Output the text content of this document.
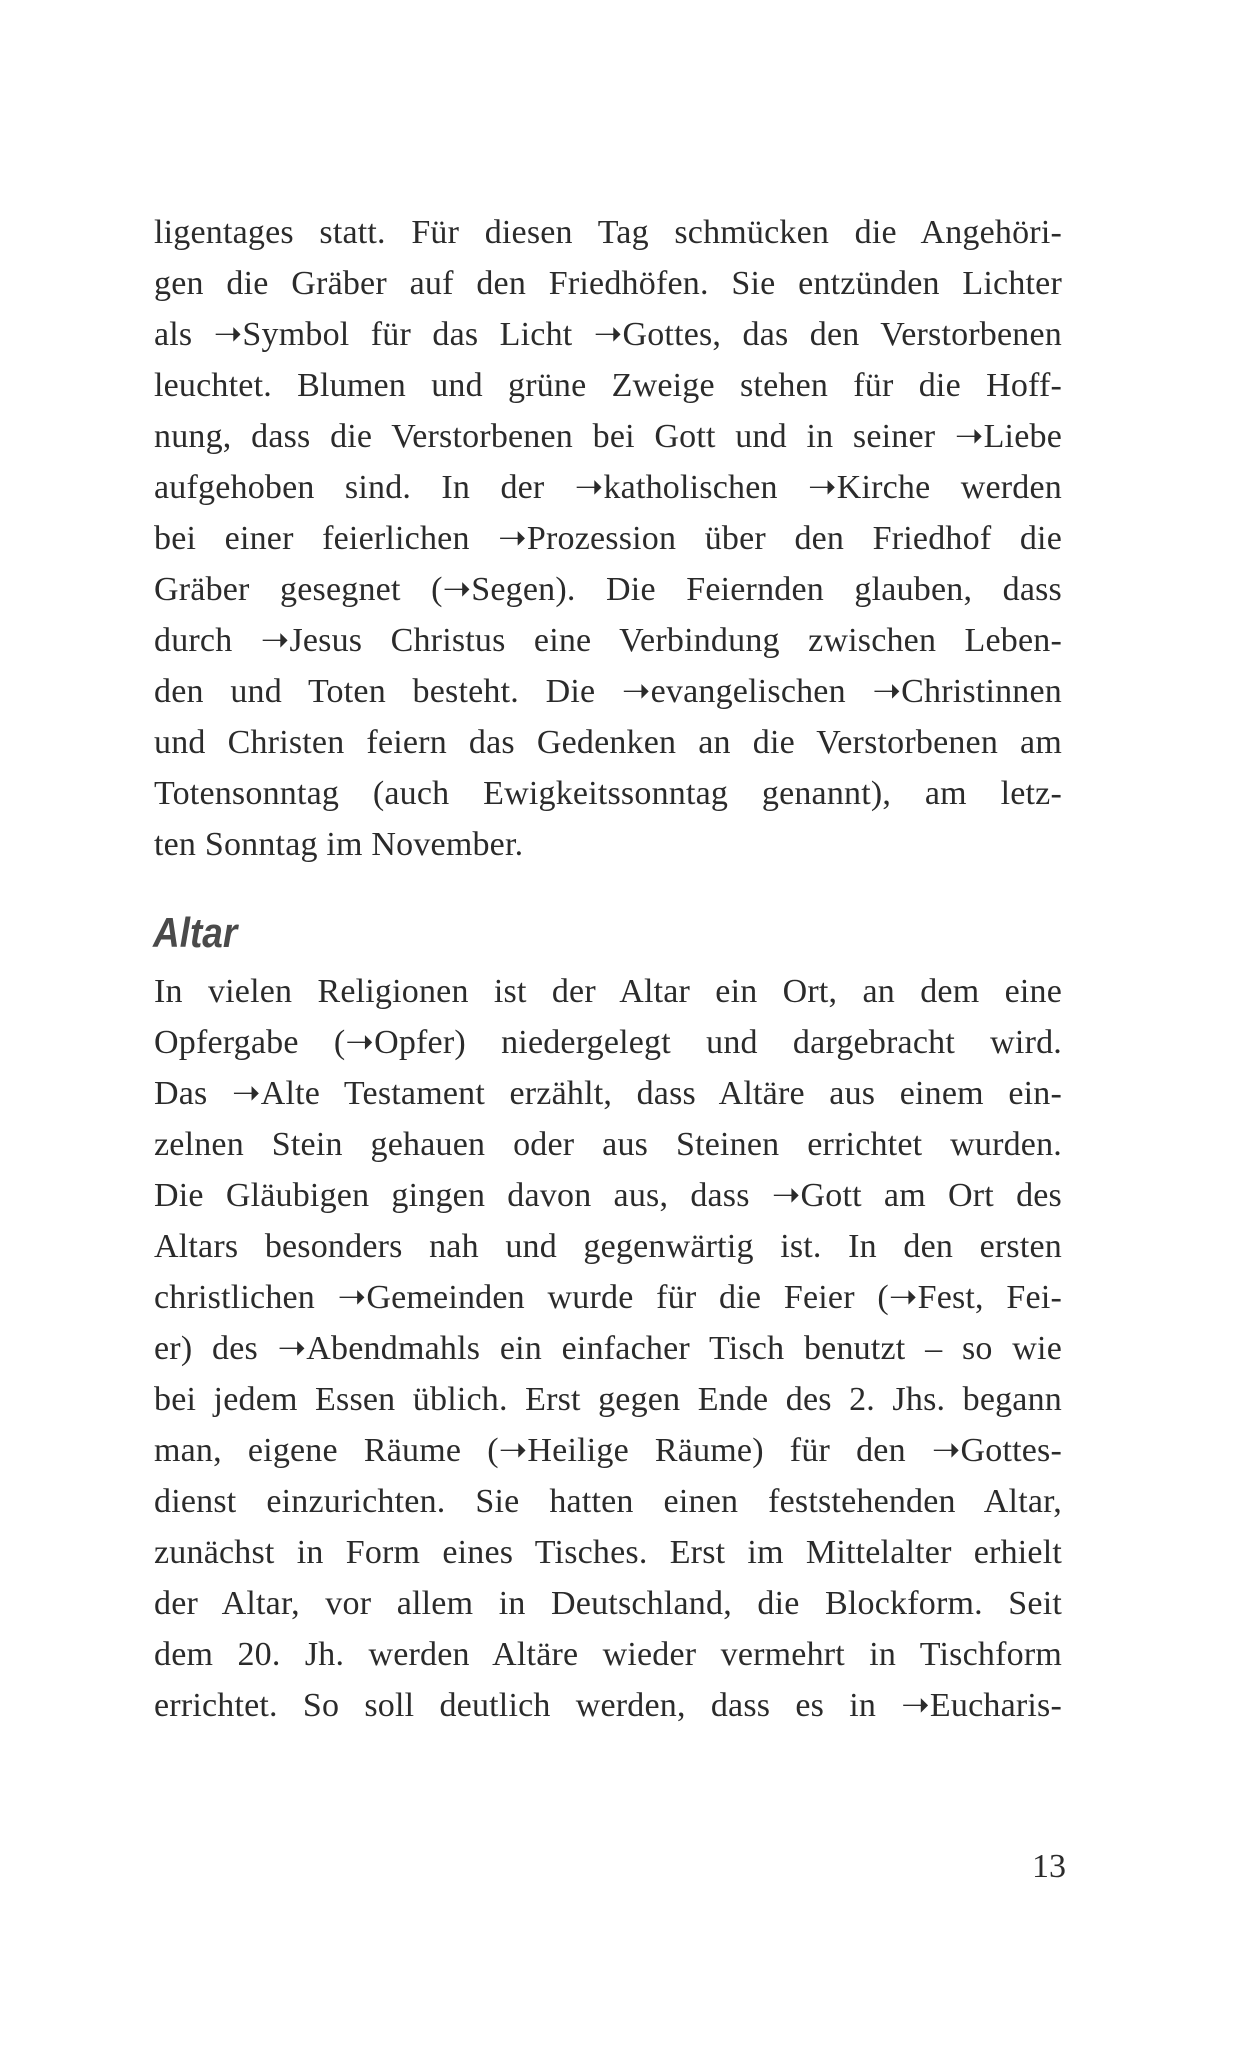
ligentages statt. Für diesen Tag schmücken die Angehöri-
gen die Gräber auf den Friedhöfen. Sie entzünden Lichter
als ➝Symbol für das Licht ➝Gottes, das den Verstorbenen
leuchtet. Blumen und grüne Zweige stehen für die Hoff-
nung, dass die Verstorbenen bei Gott und in seiner ➝Liebe
aufgehoben sind. In der ➝katholischen ➝Kirche werden
bei einer feierlichen ➝Prozession über den Friedhof die
Gräber gesegnet (➝Segen). Die Feiernden glauben, dass
durch ➝Jesus Christus eine Verbindung zwischen Leben-
den und Toten besteht. Die ➝evangelischen ➝Christinnen
und Christen feiern das Gedenken an die Verstorbenen am
Totensonntag (auch Ewigkeitssonntag genannt), am letz-
ten Sonntag im November.
Altar
In vielen Religionen ist der Altar ein Ort, an dem eine
Opfergabe (➝Opfer) niedergelegt und dargebracht wird.
Das ➝Alte Testament erzählt, dass Altäre aus einem ein-
zelnen Stein gehauen oder aus Steinen errichtet wurden.
Die Gläubigen gingen davon aus, dass ➝Gott am Ort des
Altars besonders nah und gegenwärtig ist. In den ersten
christlichen ➝Gemeinden wurde für die Feier (➝Fest, Fei-
er) des ➝Abendmahls ein einfacher Tisch benutzt – so wie
bei jedem Essen üblich. Erst gegen Ende des 2. Jhs. begann
man, eigene Räume (➝Heilige Räume) für den ➝Gottes-
dienst einzurichten. Sie hatten einen feststehenden Altar,
zunächst in Form eines Tisches. Erst im Mittelalter erhielt
der Altar, vor allem in Deutschland, die Blockform. Seit
dem 20. Jh. werden Altäre wieder vermehrt in Tischform
errichtet. So soll deutlich werden, dass es in ➝Eucharis-
13
